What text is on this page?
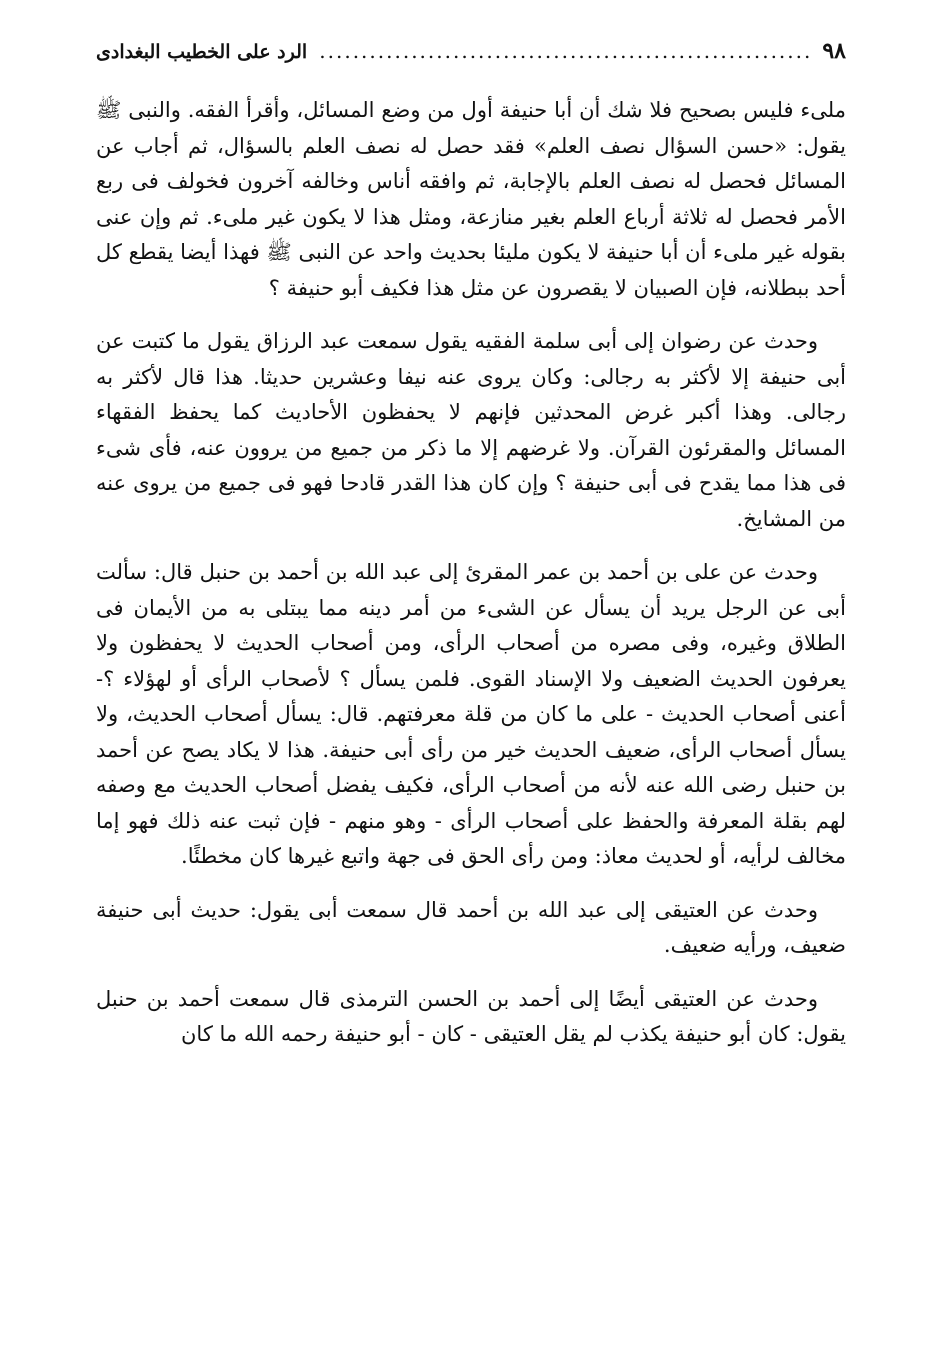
٩٨
.....
الرد على الخطيب البغدادى

ملىء فليس بصحيح فلا شك أن أبا حنيفة أول من وضع المسائل، وأقرأ الفقه. والنبى ﷺ يقول: «حسن السؤال نصف العلم» فقد حصل له نصف العلم بالسؤال، ثم أجاب عن المسائل فحصل له نصف العلم بالإجابة، ثم وافقه أناس وخالفه آخرون فخولف فى ربع الأمر فحصل له ثلاثة أرباع العلم بغير منازعة، ومثل هذا لا يكون غير ملىء. ثم وإن عنى بقوله غير ملىء أن أبا حنيفة لا يكون مليئا بحديث واحد عن النبى ﷺ فهذا أيضا يقطع كل أحد ببطلانه، فإن الصبيان لا يقصرون عن مثل هذا فكيف أبو حنيفة ؟

وحدث عن رضوان إلى أبى سلمة الفقيه يقول سمعت عبد الرزاق يقول ما كتبت عن أبى حنيفة إلا لأكثر به رجالى: وكان يروى عنه نيفا وعشرين حديثا. هذا قال لأكثر به رجالى. وهذا أكبر غرض المحدثين فإنهم لا يحفظون الأحاديث كما يحفظ الفقهاء المسائل والمقرئون القرآن. ولا غرضهم إلا ما ذكر من جميع من يروون عنه، فأى شىء فى هذا مما يقدح فى أبى حنيفة ؟ وإن كان هذا القدر قادحا فهو فى جميع من يروى عنه من المشايخ.

وحدث عن على بن أحمد بن عمر المقرئ إلى عبد الله بن أحمد بن حنبل قال: سألت أبى عن الرجل يريد أن يسأل عن الشىء من أمر دينه مما يبتلى به من الأيمان فى الطلاق وغيره، وفى مصره من أصحاب الرأى، ومن أصحاب الحديث لا يحفظون ولا يعرفون الحديث الضعيف ولا الإسناد القوى. فلمن يسأل ؟ لأصحاب الرأى أو لهؤلاء ؟- أعنى أصحاب الحديث - على ما كان من قلة معرفتهم. قال: يسأل أصحاب الحديث، ولا يسأل أصحاب الرأى، ضعيف الحديث خير من رأى أبى حنيفة. هذا لا يكاد يصح عن أحمد بن حنبل رضى الله عنه لأنه من أصحاب الرأى، فكيف يفضل أصحاب الحديث مع وصفه لهم بقلة المعرفة والحفظ على أصحاب الرأى - وهو منهم - فإن ثبت عنه ذلك فهو إما مخالف لرأيه، أو لحديث معاذ: ومن رأى الحق فى جهة واتبع غيرها كان مخطئًا.

وحدث عن العتيقى إلى عبد الله بن أحمد قال سمعت أبى يقول: حديث أبى حنيفة ضعيف، ورأيه ضعيف.

وحدث عن العتيقى أيضًا إلى أحمد بن الحسن الترمذى قال سمعت أحمد بن حنبل يقول: كان أبو حنيفة يكذب لم يقل العتيقى - كان - أبو حنيفة رحمه الله ما كان
